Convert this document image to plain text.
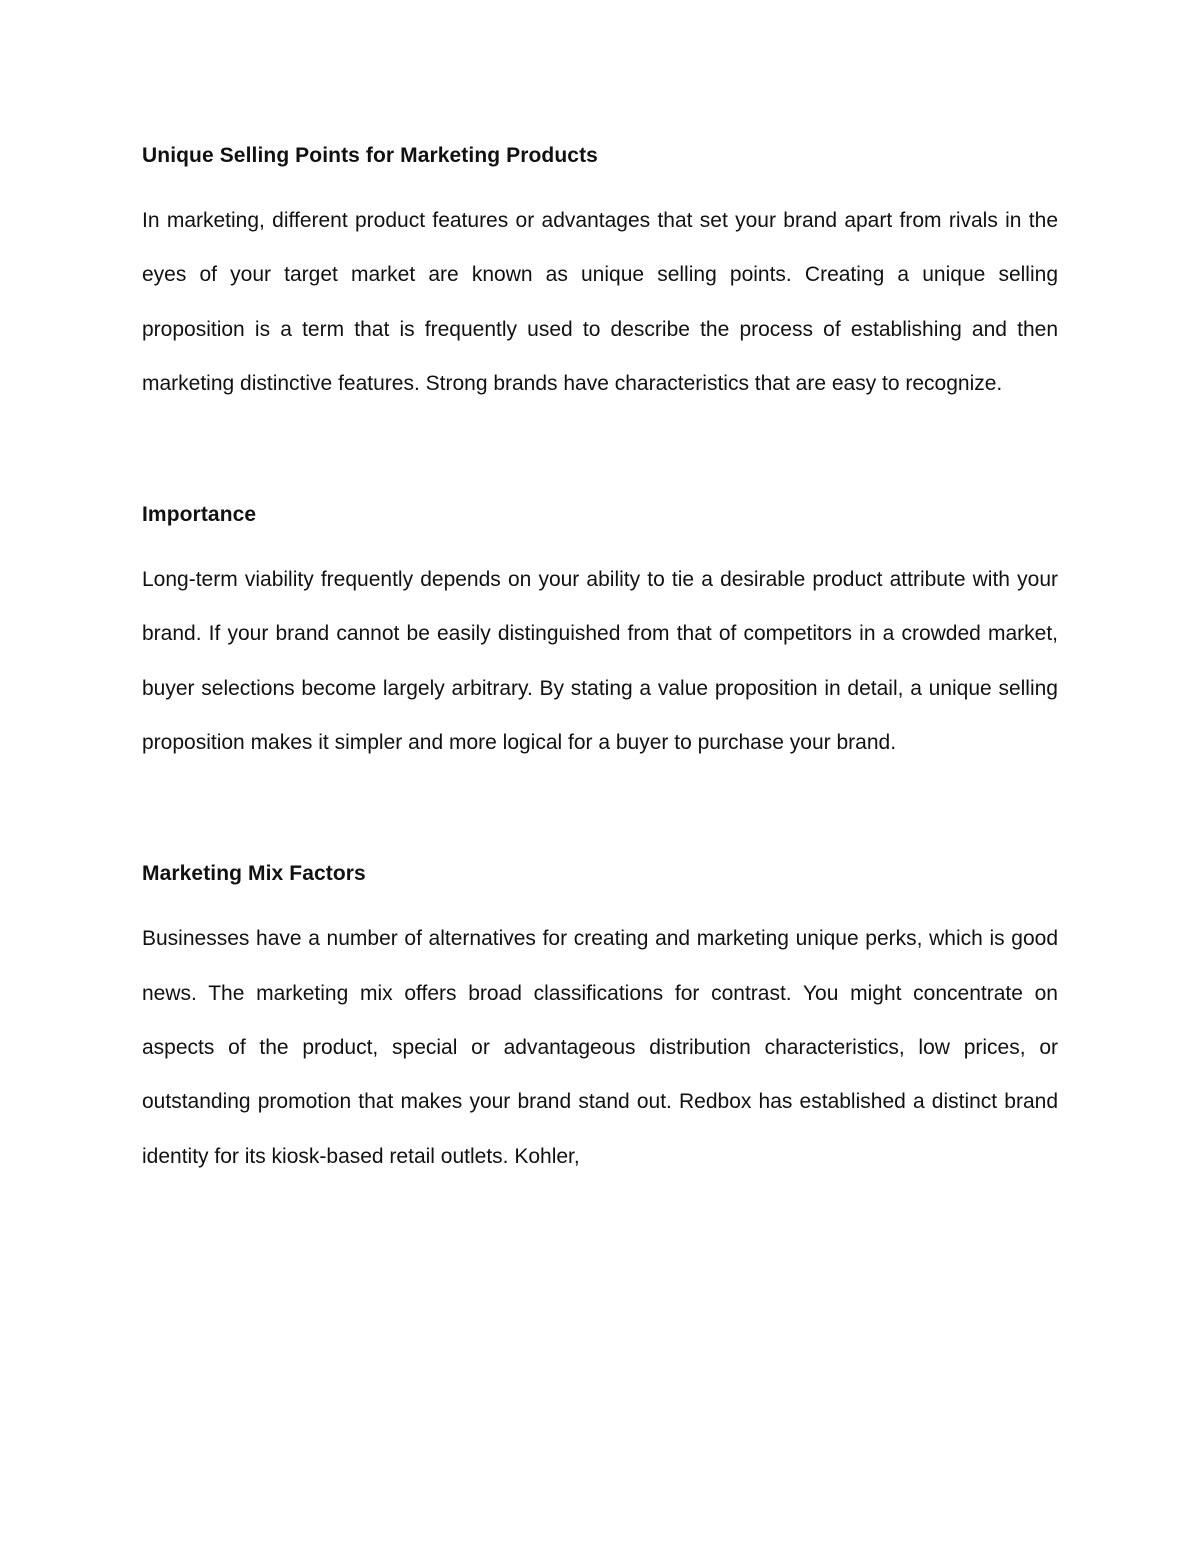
Unique Selling Points for Marketing Products

In marketing, different product features or advantages that set your brand apart from rivals in the eyes of your target market are known as unique selling points. Creating a unique selling proposition is a term that is frequently used to describe the process of establishing and then marketing distinctive features. Strong brands have characteristics that are easy to recognize.

Importance

Long-term viability frequently depends on your ability to tie a desirable product attribute with your brand. If your brand cannot be easily distinguished from that of competitors in a crowded market, buyer selections become largely arbitrary. By stating a value proposition in detail, a unique selling proposition makes it simpler and more logical for a buyer to purchase your brand.

Marketing Mix Factors

Businesses have a number of alternatives for creating and marketing unique perks, which is good news. The marketing mix offers broad classifications for contrast. You might concentrate on aspects of the product, special or advantageous distribution characteristics, low prices, or outstanding promotion that makes your brand stand out. Redbox has established a distinct brand identity for its kiosk-based retail outlets. Kohler,
